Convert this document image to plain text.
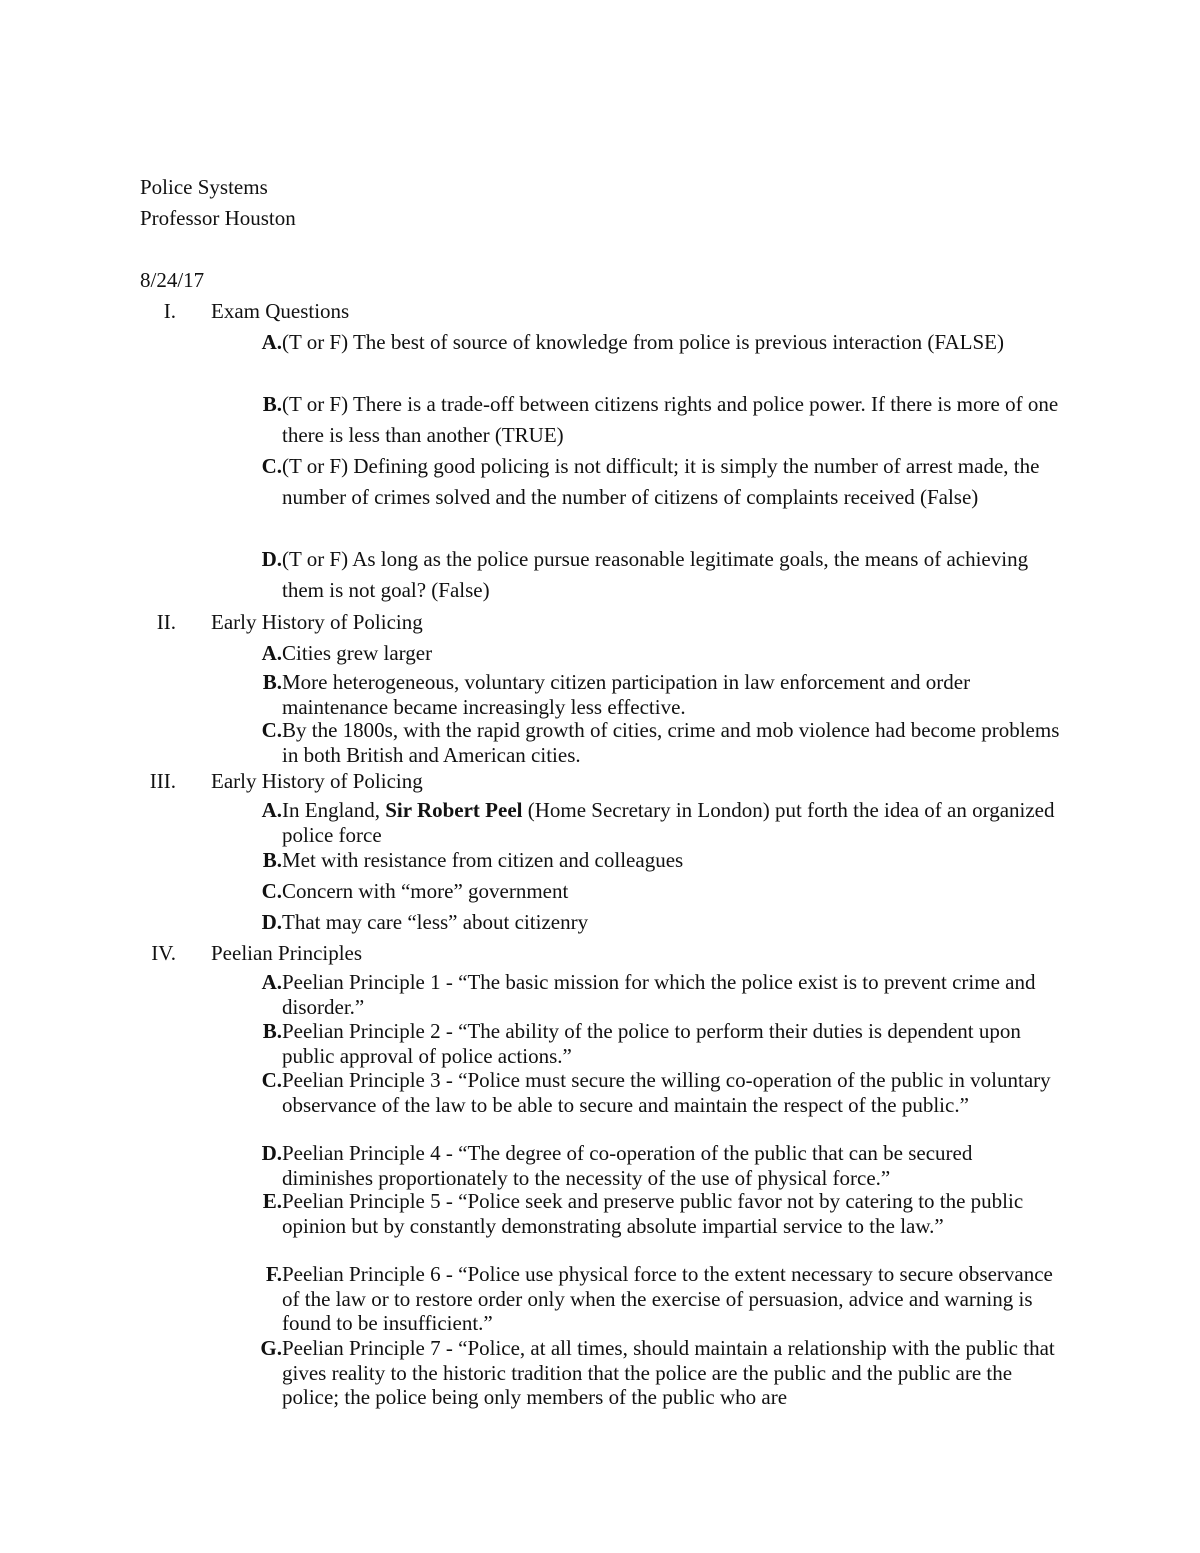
Police Systems
Professor Houston
8/24/17
I. Exam Questions
A. (T or F) The best of source of knowledge from police is previous interaction (FALSE)
B. (T or F) There is a trade-off between citizens rights and police power. If there is more of one there is less than another (TRUE)
C. (T or F) Defining good policing is not difficult; it is simply the number of arrest made, the number of crimes solved and the number of citizens of complaints received (False)
D. (T or F) As long as the police pursue reasonable legitimate goals, the means of achieving them is not goal? (False)
II. Early History of Policing
A. Cities grew larger
B. More heterogeneous, voluntary citizen participation in law enforcement and order maintenance became increasingly less effective.
C. By the 1800s, with the rapid growth of cities, crime and mob violence had become problems in both British and American cities.
III. Early History of Policing
A. In England, Sir Robert Peel (Home Secretary in London) put forth the idea of an organized police force
B. Met with resistance from citizen and colleagues
C. Concern with “more” government
D. That may care “less” about citizenry
IV. Peelian Principles
A. Peelian Principle 1 - “The basic mission for which the police exist is to prevent crime and disorder.”
B. Peelian Principle 2 - “The ability of the police to perform their duties is dependent upon public approval of police actions.”
C. Peelian Principle 3 - “Police must secure the willing co-operation of the public in voluntary observance of the law to be able to secure and maintain the respect of the public.”
D. Peelian Principle 4 - “The degree of co-operation of the public that can be secured diminishes proportionately to the necessity of the use of physical force.”
E. Peelian Principle 5 - “Police seek and preserve public favor not by catering to the public opinion but by constantly demonstrating absolute impartial service to the law.”
F. Peelian Principle 6 - “Police use physical force to the extent necessary to secure observance of the law or to restore order only when the exercise of persuasion, advice and warning is found to be insufficient.”
G. Peelian Principle 7 - “Police, at all times, should maintain a relationship with the public that gives reality to the historic tradition that the police are the public and the public are the police; the police being only members of the public who are
